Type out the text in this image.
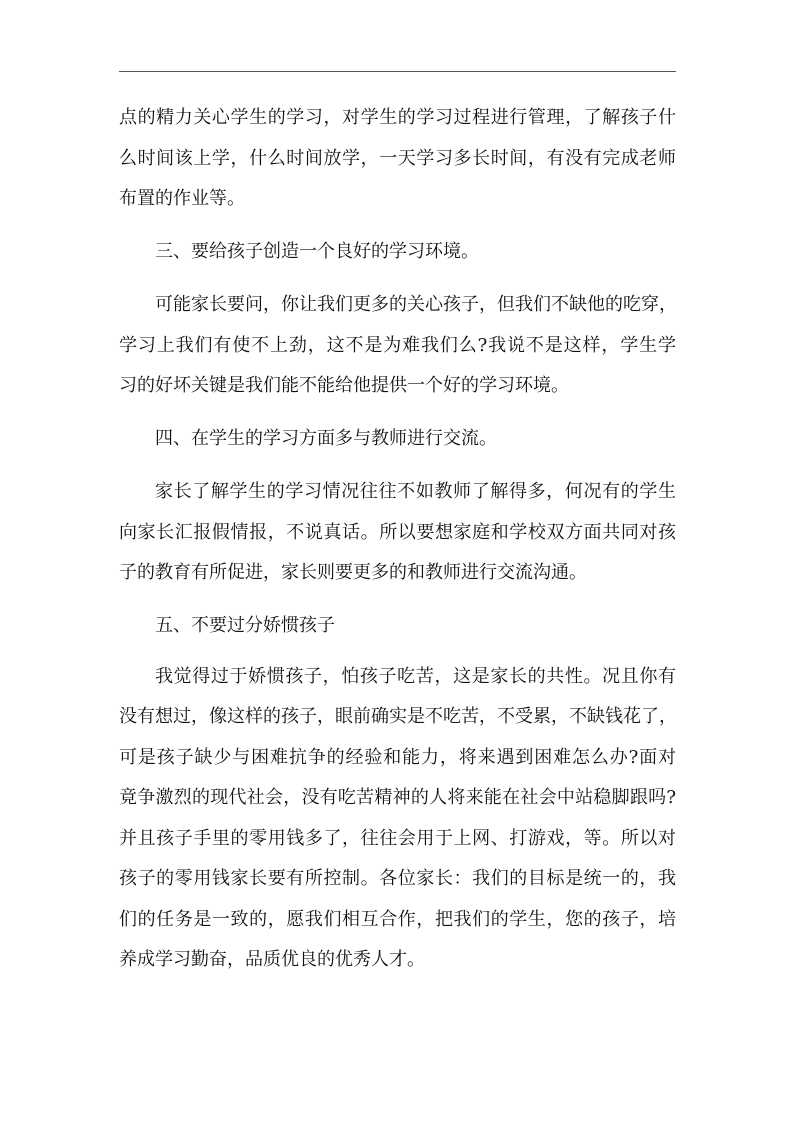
点的精力关心学生的学习，对学生的学习过程进行管理，了解孩子什
么时间该上学，什么时间放学，一天学习多长时间，有没有完成老师
布置的作业等。
三、要给孩子创造一个良好的学习环境。
可能家长要问，你让我们更多的关心孩子，但我们不缺他的吃穿，
学习上我们有使不上劲，这不是为难我们么?我说不是这样，学生学
习的好坏关键是我们能不能给他提供一个好的学习环境。
四、在学生的学习方面多与教师进行交流。
家长了解学生的学习情况往往不如教师了解得多，何况有的学生
向家长汇报假情报，不说真话。所以要想家庭和学校双方面共同对孩
子的教育有所促进，家长则要更多的和教师进行交流沟通。
五、不要过分娇惯孩子
我觉得过于娇惯孩子，怕孩子吃苦，这是家长的共性。况且你有
没有想过，像这样的孩子，眼前确实是不吃苦，不受累，不缺钱花了，
可是孩子缺少与困难抗争的经验和能力，将来遇到困难怎么办?面对
竟争激烈的现代社会，没有吃苦精神的人将来能在社会中站稳脚跟吗?
并且孩子手里的零用钱多了，往往会用于上网、打游戏，等。所以对
孩子的零用钱家长要有所控制。各位家长：我们的目标是统一的，我
们的任务是一致的，愿我们相互合作，把我们的学生，您的孩子，培
养成学习勤奋，品质优良的优秀人才。
